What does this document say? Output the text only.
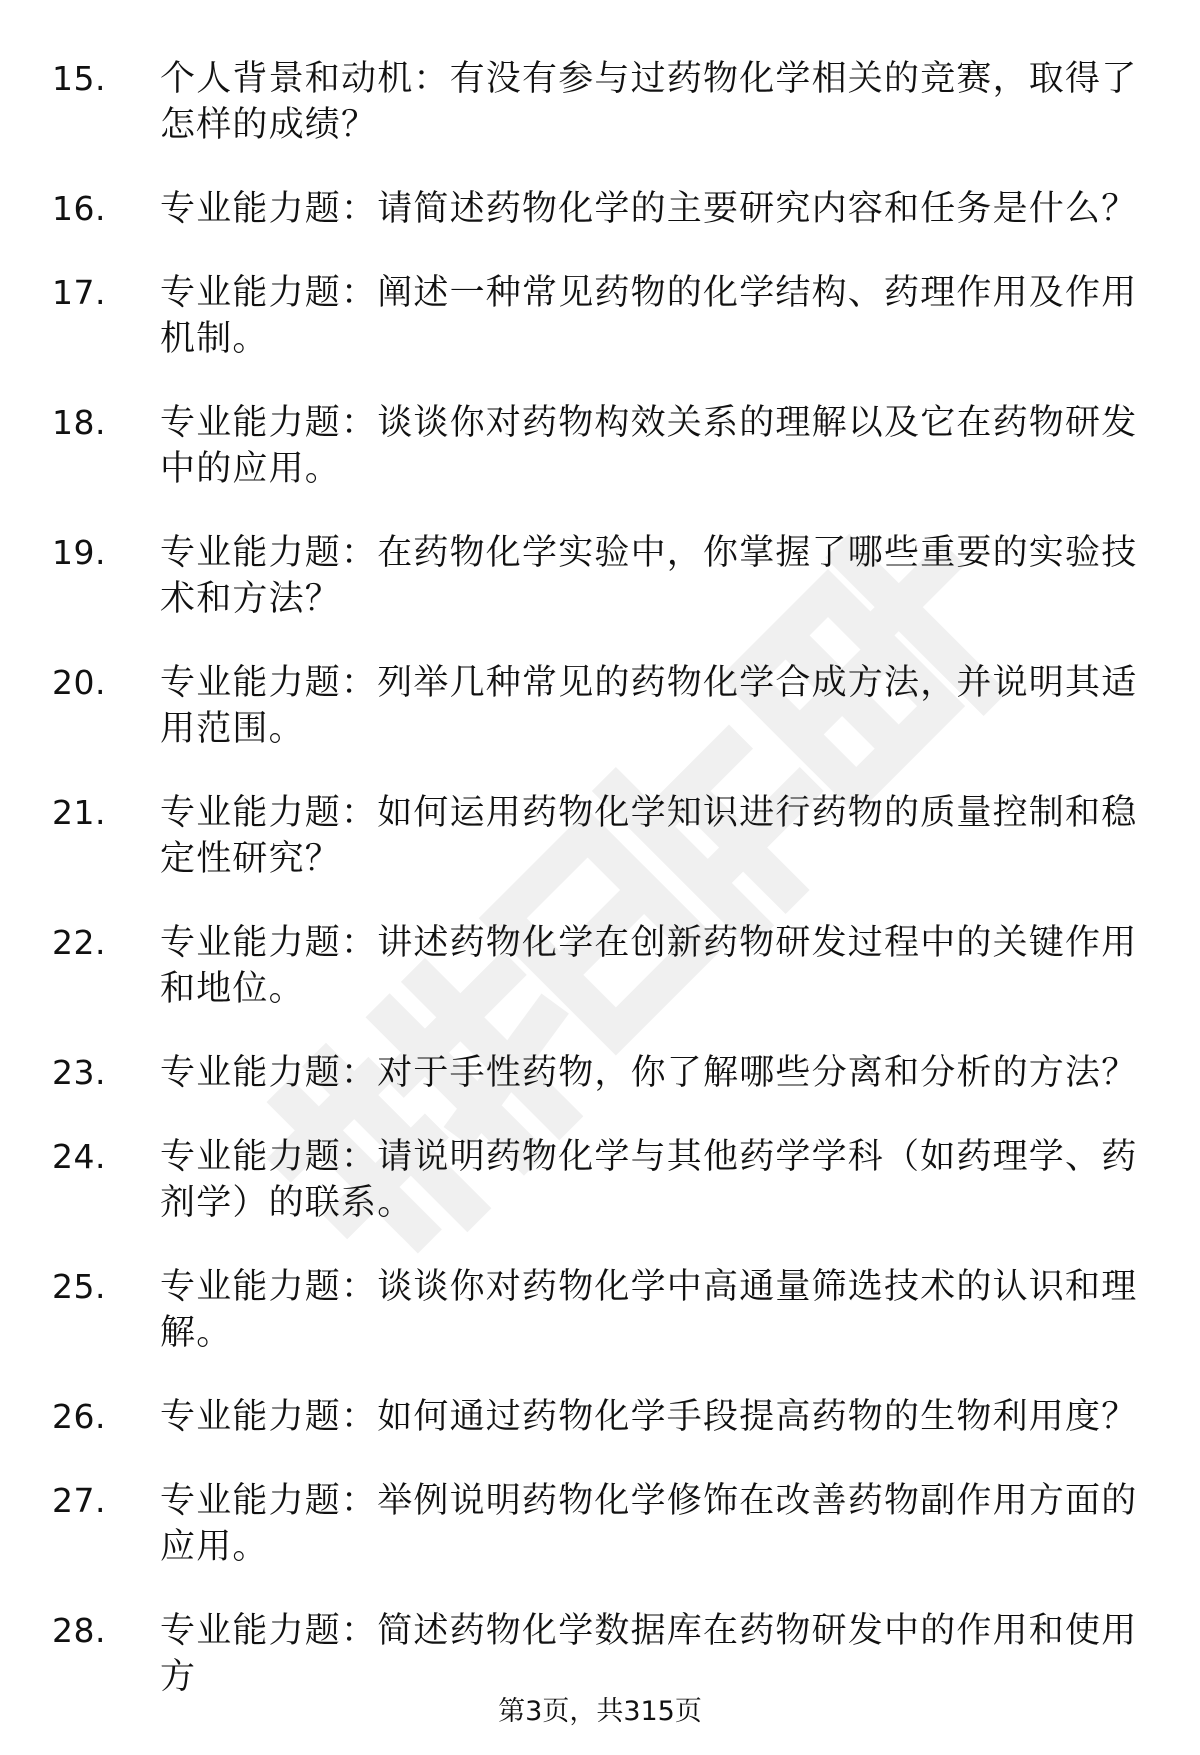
15.	个人背景和动机：有没有参与过药物化学相关的竞赛，取得了怎样的成绩？
16.	专业能力题：请简述药物化学的主要研究内容和任务是什么？
17.	专业能力题：阐述一种常见药物的化学结构、药理作用及作用机制。
18.	专业能力题：谈谈你对药物构效关系的理解以及它在药物研发中的应用。
19.	专业能力题：在药物化学实验中，你掌握了哪些重要的实验技术和方法？
20.	专业能力题：列举几种常见的药物化学合成方法，并说明其适用范围。
21.	专业能力题：如何运用药物化学知识进行药物的质量控制和稳定性研究？
22.	专业能力题：讲述药物化学在创新药物研发过程中的关键作用和地位。
23.	专业能力题：对于手性药物，你了解哪些分离和分析的方法？
24.	专业能力题：请说明药物化学与其他药学学科（如药理学、药剂学）的联系。
25.	专业能力题：谈谈你对药物化学中高通量筛选技术的认识和理解。
26.	专业能力题：如何通过药物化学手段提高药物的生物利用度？
27.	专业能力题：举例说明药物化学修饰在改善药物副作用方面的应用。
28.	专业能力题：简述药物化学数据库在药物研发中的作用和使用方
第3页，共315页
